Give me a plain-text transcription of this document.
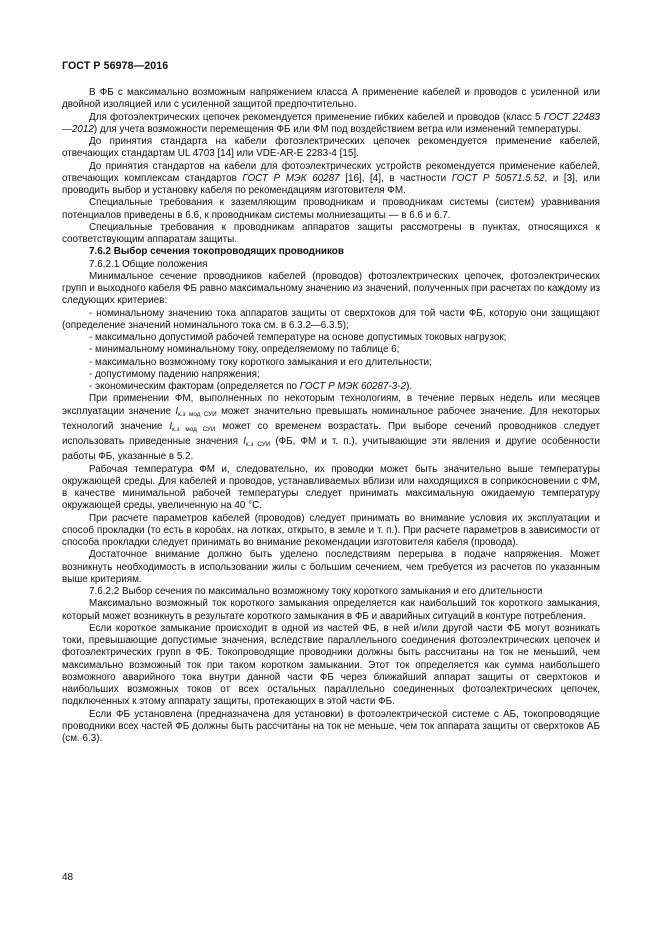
ГОСТ Р 56978—2016

В ФБ с максимально возможным напряжением класса А применение кабелей и проводов с усиленной или двойной изоляцией или с усиленной защитой предпочтительно.

Для фотоэлектрических цепочек рекомендуется применение гибких кабелей и проводов (класс 5 ГОСТ 22483—2012) для учета возможности перемещения ФБ или ФМ под воздействием ветра или изменений температуры.

До принятия стандарта на кабели фотоэлектрических цепочек рекомендуется применение кабелей, отвечающих стандартам UL 4703 [14] или VDE-AR-E 2283-4 [15].

До принятия стандартов на кабели для фотоэлектрических устройств рекомендуется применение кабелей, отвечающих комплексам стандартов ГОСТ Р МЭК 60287 [16], [4], в частности ГОСТ Р 50571.5.52, и [3], или проводить выбор и установку кабеля по рекомендациям изготовителя ФМ.

Специальные требования к заземляющим проводникам и проводникам системы (систем) уравнивания потенциалов приведены в 6.6, к проводникам системы молниезащиты — в 6.6 и 6.7.

Специальные требования к проводникам аппаратов защиты рассмотрены в пунктах, относящихся к соответствующим аппаратам защиты.

7.6.2 Выбор сечения токопроводящих проводников

7.6.2.1 Общие положения

Минимальное сечение проводников кабелей (проводов) фотоэлектрических цепочек, фотоэлектрических групп и выходного кабеля ФБ равно максимальному значению из значений, полученных при расчетах по каждому из следующих критериев:

- номинальному значению тока аппаратов защиты от сверхтоков для той части ФБ, которую они защищают (определение значений номинального тока см. в 6.3.2—6.3.5);

- максимально допустимой рабочей температуре на основе допустимых токовых нагрузок;

- минимальному номинальному току, определяемому по таблице 6;

- максимально возможному току короткого замыкания и его длительности;

- допустимому падению напряжения;

- экономическим факторам (определяется по ГОСТ Р МЭК 60287-3-2).

При применении ФМ, выполненных по некоторым технологиям, в течение первых недель или месяцев эксплуатации значение $I_{к.з мод СУИ}$ может значительно превышать номинальное рабочее значение. Для некоторых технологий значение $I_{к.з мод СУИ}$ может со временем возрастать. При выборе сечений проводников следует использовать приведенные значения $I_{к.з СУИ}$ (ФБ, ФМ и т. п.), учитывающие эти явления и другие особенности работы ФБ, указанные в 5.2.

Рабочая температура ФМ и, следовательно, их проводки может быть значительно выше температуры окружающей среды. Для кабелей и проводов, устанавливаемых вблизи или находящихся в соприкосновении с ФМ, в качестве минимальной рабочей температуры следует принимать максимальную ожидаемую температуру окружающей среды, увеличенную на 40 °С.

При расчете параметров кабелей (проводов) следует принимать во внимание условия их эксплуатации и способ прокладки (то есть в коробах, на лотках, открыто, в земле и т. п.). При расчете параметров в зависимости от способа прокладки следует принимать во внимание рекомендации изготовителя кабеля (провода).

Достаточное внимание должно быть уделено последствиям перерыва в подаче напряжения. Может возникнуть необходимость в использовании жилы с большим сечением, чем требуется из расчетов по указанным выше критериям.

7.6.2.2 Выбор сечения по максимально возможному току короткого замыкания и его длительности

Максимально возможный ток короткого замыкания определяется как наибольший ток короткого замыкания, который может возникнуть в результате короткого замыкания в ФБ и аварийных ситуаций в контуре потребления.

Если короткое замыкание происходит в одной из частей ФБ, в ней и/или другой части ФБ могут возникать токи, превышающие допустимые значения, вследствие параллельного соединения фотоэлектрических цепочек и фотоэлектрических групп в ФБ. Токопроводящие проводники должны быть рассчитаны на ток не меньший, чем максимально возможный ток при таком коротком замыкании. Этот ток определяется как сумма наибольшего возможного аварийного тока внутри данной части ФБ через ближайший аппарат защиты от сверхтоков и наибольших возможных токов от всех остальных параллельно соединенных фотоэлектрических цепочек, подключенных к этому аппарату защиты, протекающих в этой части ФБ.

Если ФБ установлена (предназначена для установки) в фотоэлектрической системе с АБ, токопроводящие проводники всех частей ФБ должны быть рассчитаны на ток не меньше, чем ток аппарата защиты от сверхтоков АБ (см. 6.3).

48
